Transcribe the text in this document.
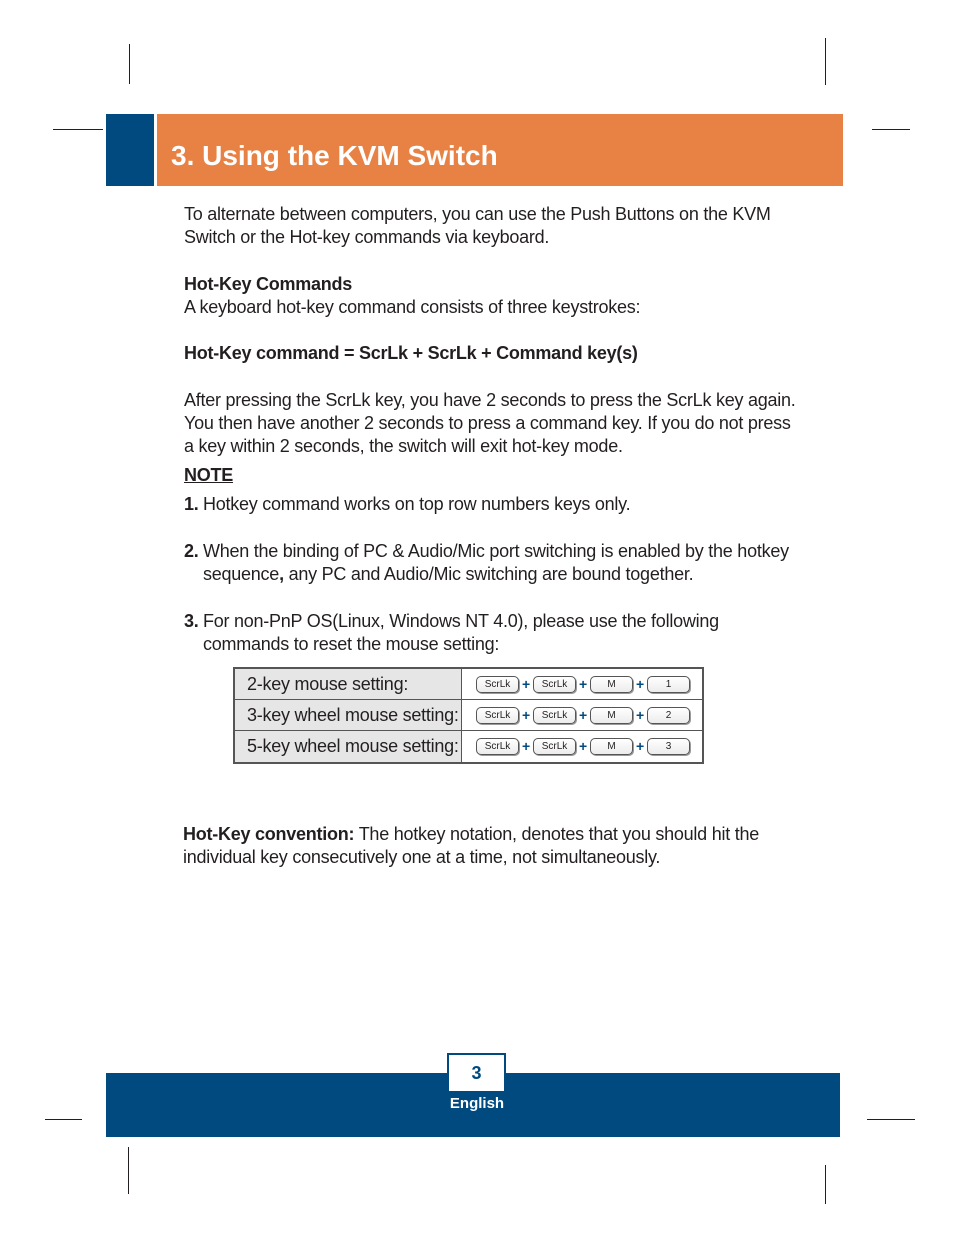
3. Using the KVM Switch
To alternate between computers, you can use the Push Buttons on the KVM
Switch or the Hot-key commands via keyboard.
Hot-Key Commands
A keyboard hot-key command consists of three keystrokes:
Hot-Key command = ScrLk + ScrLk + Command key(s)
After pressing the ScrLk key, you have 2 seconds to press the ScrLk key again.
You then have another 2 seconds to press a command key. If you do not press
a key within 2 seconds, the switch will exit hot-key mode.
NOTE
1. Hotkey command works on top row numbers keys only.
2. When the binding of PC & Audio/Mic port switching is enabled by the hotkey
sequence, any PC and Audio/Mic switching are bound together.
3. For non-PnP OS(Linux, Windows NT 4.0), please use the following
commands to reset the mouse setting:
2-key mouse setting:	ScrLk +	ScrLk +	M	+	1
3-key wheel mouse setting:	ScrLk +	ScrLk +	M	+	2
5-key wheel mouse setting:	ScrLk +	ScrLk +	M	+	3
Hot-Key convention: The hotkey notation, denotes that you should hit the
individual key consecutively one at a time, not simultaneously.
3
English
